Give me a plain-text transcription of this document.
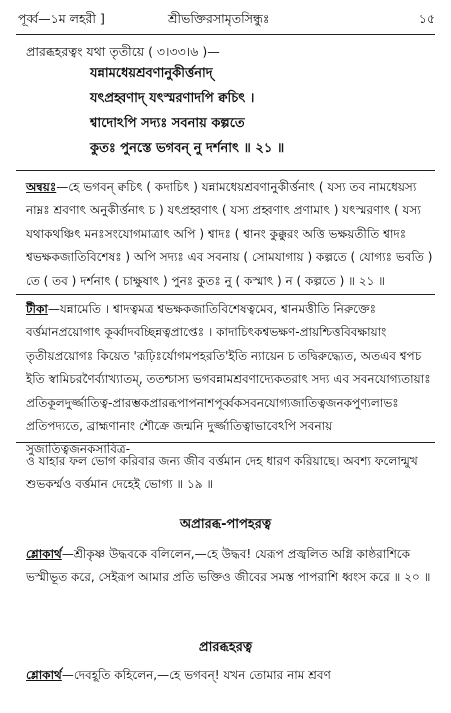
পূর্ব্ব—১ম লহরী ]	শ্রীভক্তিরসামৃতসিন্ধুঃ	১৫
প্রারব্ধহরত্বং যথা তৃতীয়ে ( ৩।৩৩।৬ )—
যন্নামধেয়শ্রবণানুকীর্ত্তনাদ্
যৎপ্রহ্বণাদ্ যৎস্মরণাদপি ক্বচিৎ ।
শ্বাদোঽপি সদ্যঃ সবনায় কল্পতে
কুতঃ পুনস্তে ভগবন্ নু দর্শনাৎ ॥ ২১ ॥
অন্বয়ঃ—হে ভগবন্ ক্বচিৎ ( কদাচিৎ ) যন্নামধেয়শ্রবণানুকীর্ত্তনাৎ ( যস্য তব নামধেয়স্য নাম্নঃ শ্রবণাৎ অনুকীর্ত্তনাৎ চ ) যৎপ্রহ্বণাৎ ( যস্য প্রহ্বণাৎ প্রণামাৎ ) যৎস্মরণাৎ ( যস্য যথাকথঞ্চিৎ মনঃসংযোগমাত্রাৎ অপি ) শ্বাদঃ ( শ্বানং কুক্কুরং অত্তি ভক্ষয়তীতি শ্বাদঃ শ্বভক্ষকজাতিবিশেষঃ ) অপি সদ্যঃ এব সবনায় ( সোমযাগায় ) কল্পতে ( যোগ্যঃ ভবতি ) তে ( তব ) দর্শনাৎ ( চাক্ষুষাৎ ) পুনঃ কুতঃ নু ( কস্মাৎ ) ন ( কল্পতে ) ॥ ২১ ॥
টীকা—যন্নামেতি । শ্বাদত্বমত্র শ্বভক্ষকজাতিবিশেষত্বমেব, শ্বানমত্তীতি নিরুক্তেঃ বর্ত্তমানপ্রয়োগাৎ কূর্ব্বাদবচ্ছিন্নত্বপ্রাপ্তেঃ । কাদাচিৎকশ্বভক্ষণ-প্রায়শ্চিত্তবিবক্ষায়াং তৃতীয়প্রয়োগঃ কিয়েত 'রূঢ়িঃর্যোগমপহরতি'ইতি ন্যায়েন চ তদ্বিরুদ্ধ্যেত, অতএব শ্বপচ ইতি স্বামিচরণৈর্ব্যাখ্যাতম্, ততশ্চাস্য ভগবন্নামশ্রবণাদ্যেকতরাৎ সদ্য এব সবনযোগ্যতায়াঃ প্রতিকূলদুর্জ্জাতিত্ব-প্রারম্ভকপ্রারব্ধপাপনাশপূর্ব্বকসবনযোগ্যজাতিত্বজনকপুণ্যলাভঃ প্রতিপদ্যতে, ব্রাহ্মণানাং শৌক্রে জন্মনি দুর্জ্জাতিত্বাভাবেঽপি সবনায় সুজাতিত্বজনকসাবিত্র-
ও যাহার ফল ভোগ করিবার জন্য জীব বর্ত্তমান দেহ ধারণ করিয়াছে। অবশ্য ফলোন্মুখ শুভকর্ম্মও বর্ত্তমান দেহেই ভোগ্য ॥ ১৯ ॥
অপ্রারব্ধ-পাপহরত্ব
শ্লোকার্থ—শ্রীকৃষ্ণ উদ্ধবকে বলিলেন,—হে উদ্ধব! যেরূপ প্রজ্বলিত অগ্নি কাষ্ঠরাশিকে ভস্মীভূত করে, সেইরূপ আমার প্রতি ভক্তিও জীবের সমস্ত পাপরাশি ধ্বংস করে ॥ ২০ ॥
প্রারব্ধহরত্ব
শ্লোকার্থ—দেবহূতি কহিলেন,—হে ভগবন্! যখন তোমার নাম শ্রবণ
